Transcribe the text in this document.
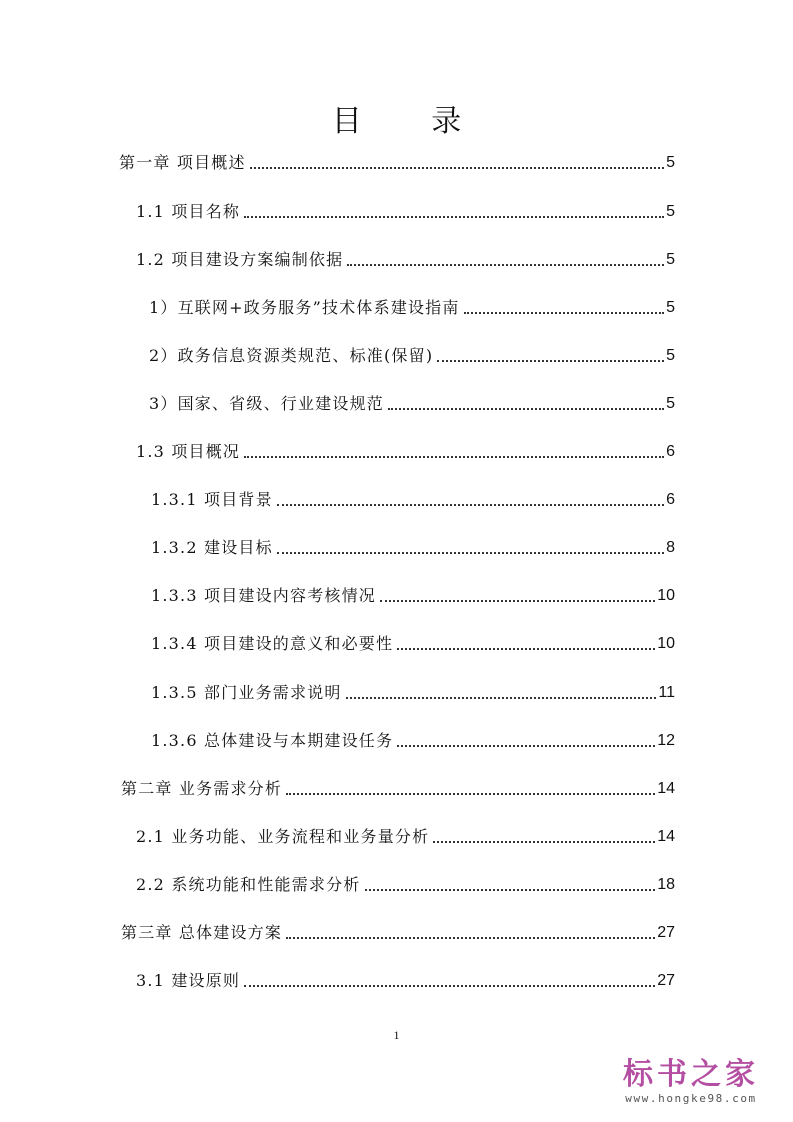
目 录
第一章 项目概述	5
1.1 项目名称	5
1.2 项目建设方案编制依据	5
1）互联网+政务服务”技术体系建设指南	5
2）政务信息资源类规范、标准(保留)	5
3）国家、省级、行业建设规范	5
1.3 项目概况	6
1.3.1 项目背景	6
1.3.2 建设目标	8
1.3.3 项目建设内容考核情况	10
1.3.4 项目建设的意义和必要性	10
1.3.5 部门业务需求说明	11
1.3.6 总体建设与本期建设任务	12
第二章 业务需求分析	14
2.1 业务功能、业务流程和业务量分析	14
2.2 系统功能和性能需求分析	18
第三章 总体建设方案	27
3.1 建设原则	27
1
标书之家
www.hongke98.com
